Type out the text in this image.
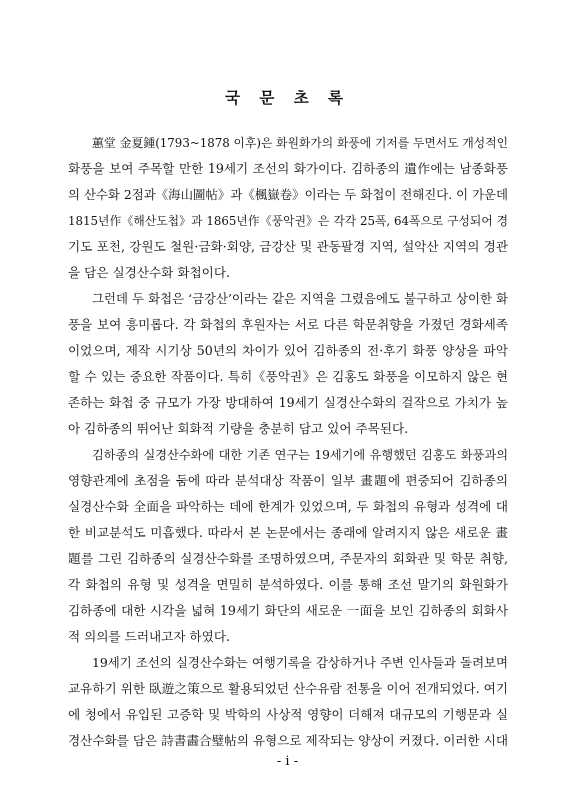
국 문 초 록
蕙堂 金夏鍾(1793~1878 이후)은 화원화가의 화풍에 기저를 두면서도 개성적인
화풍을 보여 주목할 만한 19세기 조선의 화가이다. 김하종의 遺作에는 남종화풍
의 산수화 2점과《海山圖帖》과《楓嶽卷》이라는 두 화첩이 전해진다. 이 가운데
1815년作《해산도첩》과 1865년作《풍악권》은 각각 25폭, 64폭으로 구성되어 경
기도 포천, 강원도 철원·금화·회양, 금강산 및 관동팔경 지역, 설악산 지역의 경관
을 담은 실경산수화 화첩이다.
그런데 두 화첩은 ‘금강산’이라는 같은 지역을 그렸음에도 불구하고 상이한 화
풍을 보여 흥미롭다. 각 화첩의 후원자는 서로 다른 학문취향을 가졌던 경화세족
이었으며, 제작 시기상 50년의 차이가 있어 김하종의 전·후기 화풍 양상을 파악
할 수 있는 중요한 작품이다. 특히《풍악권》은 김홍도 화풍을 이모하지 않은 현
존하는 화첩 중 규모가 가장 방대하여 19세기 실경산수화의 걸작으로 가치가 높
아 김하종의 뛰어난 회화적 기량을 충분히 담고 있어 주목된다.
김하종의 실경산수화에 대한 기존 연구는 19세기에 유행했던 김홍도 화풍과의
영향관계에 초점을 둠에 따라 분석대상 작품이 일부 畫題에 편중되어 김하종의
실경산수화 全面을 파악하는 데에 한계가 있었으며, 두 화첩의 유형과 성격에 대
한 비교분석도 미흡했다. 따라서 본 논문에서는 종래에 알려지지 않은 새로운 畫
題를 그린 김하종의 실경산수화를 조명하였으며, 주문자의 회화관 및 학문 취향,
각 화첩의 유형 및 성격을 면밀히 분석하였다. 이를 통해 조선 말기의 화원화가
김하종에 대한 시각을 넓혀 19세기 화단의 새로운 一面을 보인 김하종의 회화사
적 의의를 드러내고자 하였다.
19세기 조선의 실경산수화는 여행기록을 감상하거나 주변 인사들과 돌려보며
교유하기 위한 臥遊之策으로 활용되었던 산수유람 전통을 이어 전개되었다. 여기
에 청에서 유입된 고증학 및 박학의 사상적 영향이 더해져 대규모의 기행문과 실
경산수화를 담은 詩書畵合璧帖의 유형으로 제작되는 양상이 커졌다. 이러한 시대

- i -
